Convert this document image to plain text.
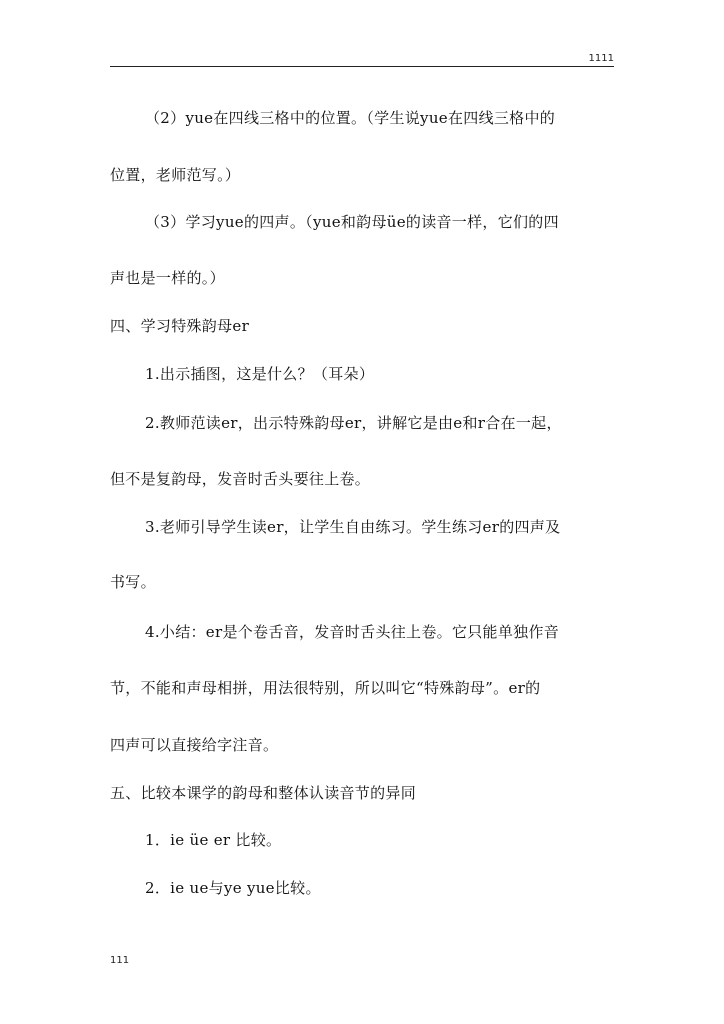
1111
（2）yue在四线三格中的位置。（学生说yue在四线三格中的
位置，老师范写。）
（3）学习yue的四声。（yue和韵母üe的读音一样，它们的四
声也是一样的。）
四、学习特殊韵母er
1.出示插图，这是什么？（耳朵）
2.教师范读er，出示特殊韵母er，讲解它是由e和r合在一起，
但不是复韵母，发音时舌头要往上卷。
3.老师引导学生读er，让学生自由练习。学生练习er的四声及
书写。
4.小结：er是个卷舌音，发音时舌头往上卷。它只能单独作音
节，不能和声母相拼，用法很特别，所以叫它“特殊韵母”。er的
四声可以直接给字注音。
五、比较本课学的韵母和整体认读音节的异同
1．ie üe er 比较。
2．ie ue与ye yue比较。
111
